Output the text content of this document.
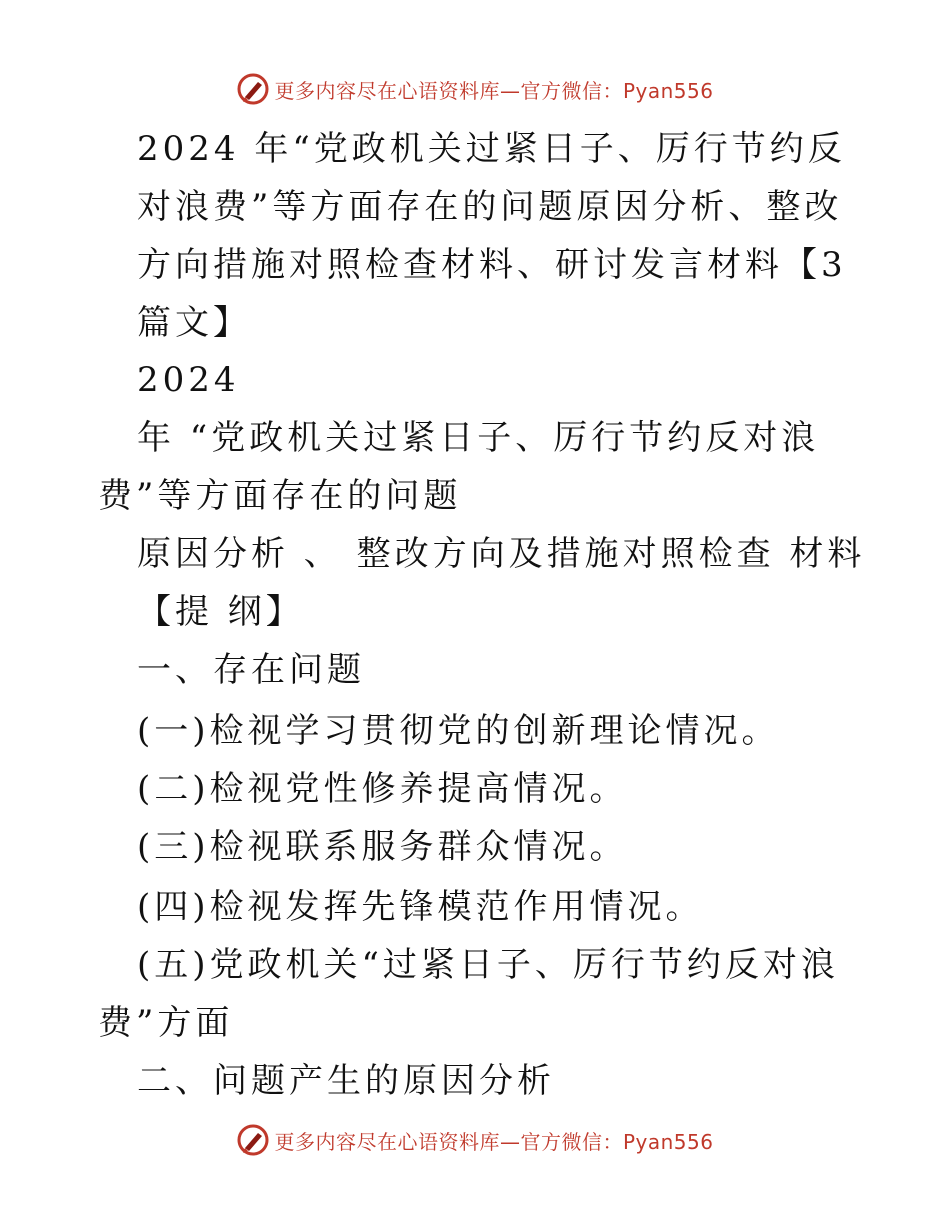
更多内容尽在心语资料库—官方微信：Pyan556
2024 年“党政机关过紧日子、厉行节约反
对浪费”等方面存在的问题原因分析、整改
方向措施对照检查材料、研讨发言材料【3
篇文】
2024
年 “党政机关过紧日子、厉行节约反对浪
费”等方面存在的问题
原因分析 、 整改方向及措施对照检查 材料
【提 纲】
一、存在问题
(一)检视学习贯彻党的创新理论情况。
(二)检视党性修养提高情况。
(三)检视联系服务群众情况。
(四)检视发挥先锋模范作用情况。
(五)党政机关“过紧日子、厉行节约反对浪
费”方面
二、问题产生的原因分析
更多内容尽在心语资料库—官方微信：Pyan556
